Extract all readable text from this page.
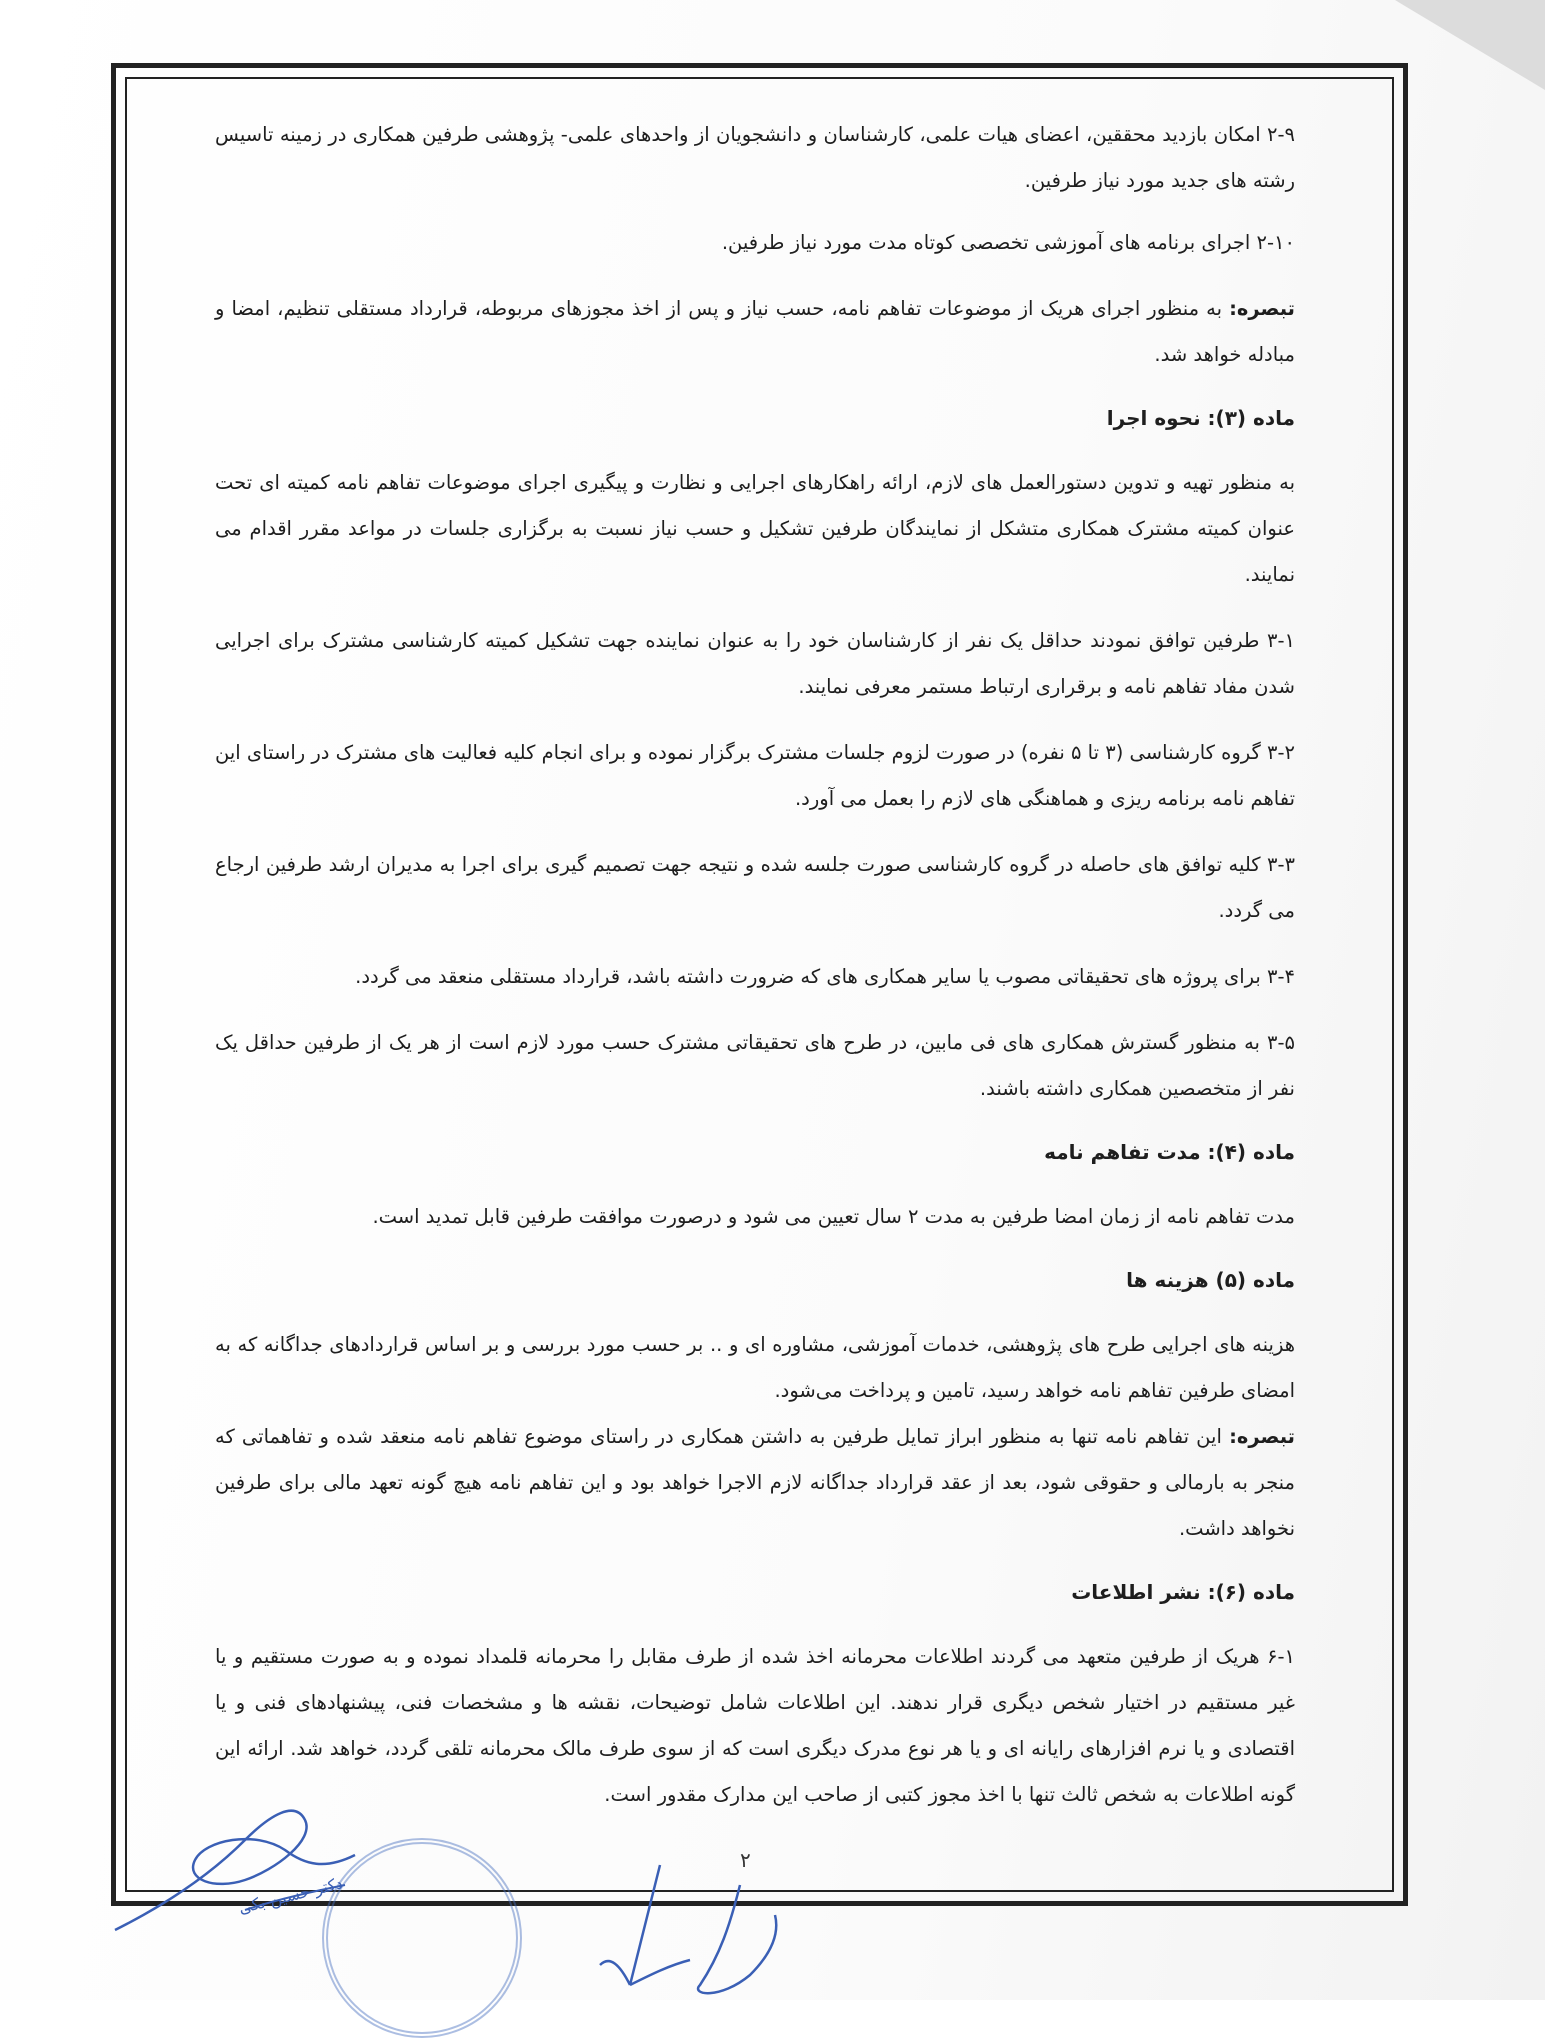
۲-۹ امکان بازدید محققین، اعضای هیات علمی، کارشناسان و دانشجویان از واحدهای علمی- پژوهشی طرفین همکاری در زمینه تاسیس رشته های جدید مورد نیاز طرفین.

۲-۱۰ اجرای برنامه های آموزشی تخصصی کوتاه مدت مورد نیاز طرفین.

تبصره: به منظور اجرای هریک از موضوعات تفاهم نامه، حسب نیاز و پس از اخذ مجوزهای مربوطه، قرارداد مستقلی تنظیم، امضا و مبادله خواهد شد.

ماده (۳): نحوه اجرا

به منظور تهیه و تدوین دستورالعمل های لازم، ارائه راهکارهای اجرایی و نظارت و پیگیری اجرای موضوعات تفاهم نامه کمیته ای تحت عنوان کمیته مشترک همکاری متشکل از نمایندگان طرفین تشکیل و حسب نیاز نسبت به برگزاری جلسات در مواعد مقرر اقدام می نمایند.

۳-۱ طرفین توافق نمودند حداقل یک نفر از کارشناسان خود را به عنوان نماینده جهت تشکیل کمیته کارشناسی مشترک برای اجرایی شدن مفاد تفاهم نامه و برقراری ارتباط مستمر معرفی نمایند.

۳-۲ گروه کارشناسی (۳ تا ۵ نفره) در صورت لزوم جلسات مشترک برگزار نموده و برای انجام کلیه فعالیت های مشترک در راستای این تفاهم نامه برنامه ریزی و هماهنگی های لازم را بعمل می آورد.

۳-۳ کلیه توافق های حاصله در گروه کارشناسی صورت جلسه شده و نتیجه جهت تصمیم گیری برای اجرا به مدیران ارشد طرفین ارجاع می گردد.

۳-۴ برای پروژه های تحقیقاتی مصوب یا سایر همکاری های که ضرورت داشته باشد، قرارداد مستقلی منعقد می گردد.

۳-۵ به منظور گسترش همکاری های فی مابین، در طرح های تحقیقاتی مشترک حسب مورد لازم است از هر یک از طرفین حداقل یک نفر از متخصصین همکاری داشته باشند.

ماده (۴): مدت تفاهم نامه

مدت تفاهم نامه از زمان امضا طرفین به مدت ۲ سال تعیین می شود و درصورت موافقت طرفین قابل تمدید است.

ماده (۵) هزینه ها

هزینه های اجرایی طرح های پژوهشی، خدمات آموزشی، مشاوره ای و .. بر حسب مورد بررسی و بر اساس قراردادهای جداگانه که به امضای طرفین تفاهم نامه خواهد رسید، تامین و پرداخت می‌شود.

تبصره: این تفاهم نامه تنها به منظور ابراز تمایل طرفین به داشتن همکاری در راستای موضوع تفاهم نامه منعقد شده و تفاهماتی که منجر به بارمالی و حقوقی شود، بعد از عقد قرارداد جداگانه لازم الاجرا خواهد بود و این تفاهم نامه هیچ گونه تعهد مالی برای طرفین نخواهد داشت.

ماده (۶): نشر اطلاعات

۶-۱ هریک از طرفین متعهد می گردند اطلاعات محرمانه اخذ شده از طرف مقابل را محرمانه قلمداد نموده و به صورت مستقیم و یا غیر مستقیم در اختیار شخص دیگری قرار ندهند. این اطلاعات شامل توضیحات، نقشه ها و مشخصات فنی، پیشنهادهای فنی و یا اقتصادی و یا نرم افزارهای رایانه ای و یا هر نوع مدرک دیگری است که از سوی طرف مالک محرمانه تلقی گردد، خواهد شد. ارائه این گونه اطلاعات به شخص ثالث تنها با اخذ مجوز کتبی از صاحب این مدارک مقدور است.

۲
دکتر حسین بکی
